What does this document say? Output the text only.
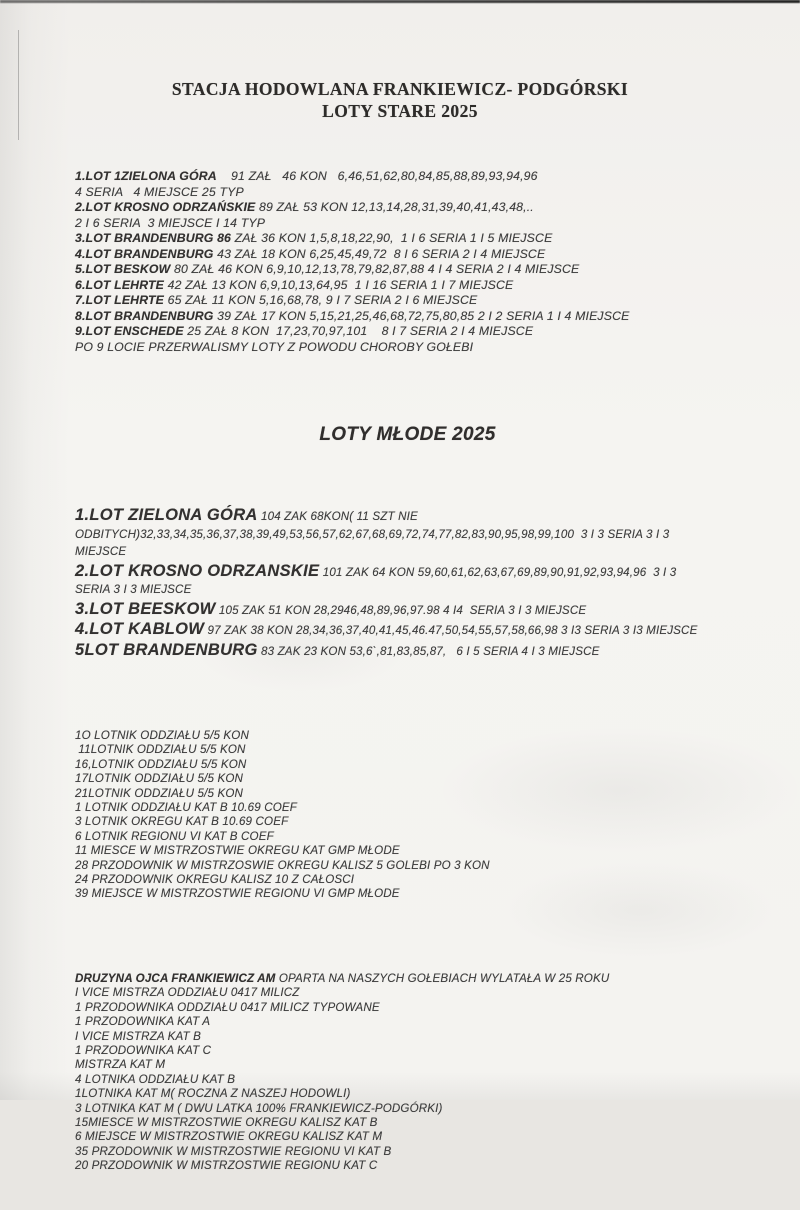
STACJA HODOWLANA FRANKIEWICZ- PODGÓRSKI
LOTY STARE 2025

1.LOT 1ZIELONA GÓRA    91 ZAŁ   46 KON   6,46,51,62,80,84,85,88,89,93,94,96
4 SERIA   4 MIEJSCE 25 TYP
2.LOT KROSNO ODRZAŃSKIE 89 ZAŁ 53 KON 12,13,14,28,31,39,40,41,43,48,..
2 I 6 SERIA  3 MIEJSCE I 14 TYP
3.LOT BRANDENBURG 86 ZAŁ 36 KON 1,5,8,18,22,90,  1 I 6 SERIA 1 I 5 MIEJSCE
4.LOT BRANDENBURG 43 ZAŁ 18 KON 6,25,45,49,72  8 I 6 SERIA 2 I 4 MIEJSCE
5.LOT BESKOW 80 ZAŁ 46 KON 6,9,10,12,13,78,79,82,87,88 4 I 4 SERIA 2 I 4 MIEJSCE
6.LOT LEHRTE 42 ZAŁ 13 KON 6,9,10,13,64,95  1 I 16 SERIA 1 I 7 MIEJSCE
7.LOT LEHRTE 65 ZAŁ 11 KON 5,16,68,78, 9 I 7 SERIA 2 I 6 MIEJSCE
8.LOT BRANDENBURG 39 ZAŁ 17 KON 5,15,21,25,46,68,72,75,80,85 2 I 2 SERIA 1 I 4 MIEJSCE
9.LOT ENSCHEDE 25 ZAŁ 8 KON  17,23,70,97,101    8 I 7 SERIA 2 I 4 MIEJSCE
PO 9 LOCIE PRZERWALISMY LOTY Z POWODU CHOROBY GOŁEBI

LOTY MŁODE 2025

1.LOT ZIELONA GÓRA 104 ZAK 68KON( 11 SZT NIE
ODBITYCH)32,33,34,35,36,37,38,39,49,53,56,57,62,67,68,69,72,74,77,82,83,90,95,98,99,100  3 I 3 SERIA 3 I 3
MIEJSCE
2.LOT KROSNO ODRZANSKIE 101 ZAK 64 KON 59,60,61,62,63,67,69,89,90,91,92,93,94,96  3 I 3
SERIA 3 I 3 MIEJSCE
3.LOT BEESKOW 105 ZAK 51 KON 28,2946,48,89,96,97.98 4 I4  SERIA 3 I 3 MIEJSCE
4.LOT KABLOW 97 ZAK 38 KON 28,34,36,37,40,41,45,46.47,50,54,55,57,58,66,98 3 I3 SERIA 3 I3 MIEJSCE
5LOT BRANDENBURG 83 ZAK 23 KON 53,6`,81,83,85,87,   6 I 5 SERIA 4 I 3 MIEJSCE

1O LOTNIK ODDZIAŁU 5/5 KON
11LOTNIK ODDZIAŁU 5/5 KON
16,LOTNIK ODDZIAŁU 5/5 KON
17LOTNIK ODDZIAŁU 5/5 KON
21LOTNIK ODDZIAŁU 5/5 KON
1 LOTNIK ODDZIAŁU KAT B 10.69 COEF
3 LOTNIK OKREGU KAT B 10.69 COEF
6 LOTNIK REGIONU VI KAT B COEF
11 MIESCE W MISTRZOSTWIE OKREGU KAT GMP MŁODE
28 PRZODOWNIK W MISTRZOSWIE OKREGU KALISZ 5 GOLEBI PO 3 KON
24 PRZODOWNIK OKREGU KALISZ 10 Z CAŁOSCI
39 MIEJSCE W MISTRZOSTWIE REGIONU VI GMP MŁODE

DRUZYNA OJCA FRANKIEWICZ AM OPARTA NA NASZYCH GOŁEBIACH WYLATAŁA W 25 ROKU
I VICE MISTRZA ODDZIAŁU 0417 MILICZ
1 PRZODOWNIKA ODDZIAŁU 0417 MILICZ TYPOWANE
1 PRZODOWNIKA KAT A
I VICE MISTRZA KAT B
1 PRZODOWNIKA KAT C
MISTRZA KAT M
4 LOTNIKA ODDZIAŁU KAT B
1LOTNIKA KAT M( ROCZNA Z NASZEJ HODOWLI)
3 LOTNIKA KAT M ( DWU LATKA 100% FRANKIEWICZ-PODGÓRKI)
15MIESCE W MISTRZOSTWIE OKREGU KALISZ KAT B
6 MIEJSCE W MISTRZOSTWIE OKREGU KALISZ KAT M
35 PRZODOWNIK W MISTRZOSTWIE REGIONU VI KAT B
20 PRZODOWNIK W MISTRZOSTWIE REGIONU KAT C
